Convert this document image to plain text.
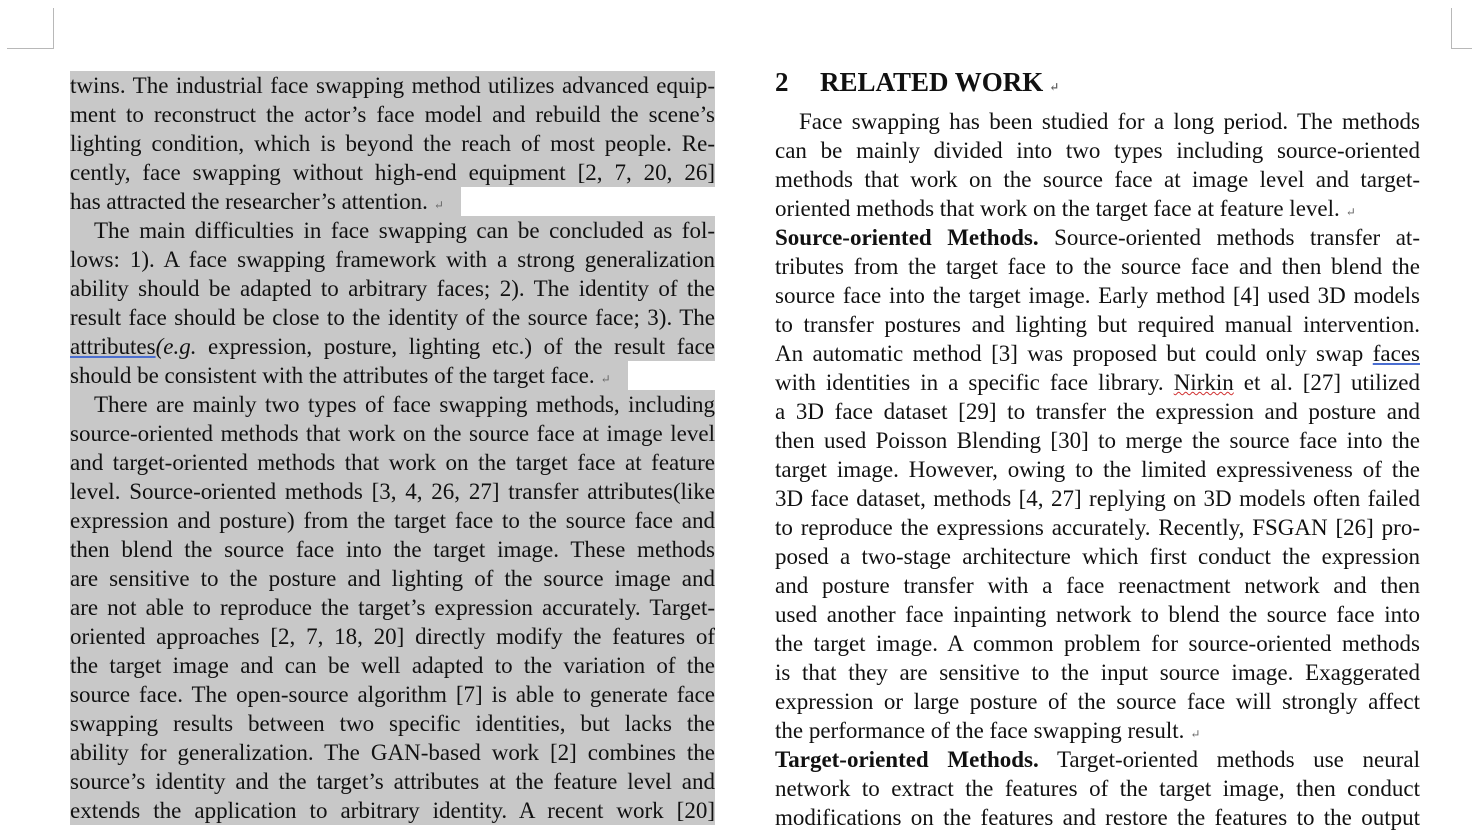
twins. The industrial face swapping method utilizes advanced equip-
ment to reconstruct the actor’s face model and rebuild the scene’s
lighting condition, which is beyond the reach of most people. Re-
cently, face swapping without high-end equipment [2, 7, 20, 26]
has attracted the researcher’s attention. ↵
The main difficulties in face swapping can be concluded as fol-
lows: 1). A face swapping framework with a strong generalization
ability should be adapted to arbitrary faces; 2). The identity of the
result face should be close to the identity of the source face; 3). The
attributes(e.g. expression, posture, lighting etc.) of the result face
should be consistent with the attributes of the target face. ↵
There are mainly two types of face swapping methods, including
source-oriented methods that work on the source face at image level
and target-oriented methods that work on the target face at feature
level. Source-oriented methods [3, 4, 26, 27] transfer attributes(like
expression and posture) from the target face to the source face and
then blend the source face into the target image. These methods
are sensitive to the posture and lighting of the source image and
are not able to reproduce the target’s expression accurately. Target-
oriented approaches [2, 7, 18, 20] directly modify the features of
the target image and can be well adapted to the variation of the
source face. The open-source algorithm [7] is able to generate face
swapping results between two specific identities, but lacks the
ability for generalization. The GAN-based work [2] combines the
source’s identity and the target’s attributes at the feature level and
extends the application to arbitrary identity. A recent work [20]
2 RELATED WORK ↵
Face swapping has been studied for a long period. The methods
can be mainly divided into two types including source-oriented
methods that work on the source face at image level and target-
oriented methods that work on the target face at feature level. ↵
Source-oriented Methods. Source-oriented methods transfer at-
tributes from the target face to the source face and then blend the
source face into the target image. Early method [4] used 3D models
to transfer postures and lighting but required manual intervention.
An automatic method [3] was proposed but could only swap faces
with identities in a specific face library. Nirkin et al. [27] utilized
a 3D face dataset [29] to transfer the expression and posture and
then used Poisson Blending [30] to merge the source face into the
target image. However, owing to the limited expressiveness of the
3D face dataset, methods [4, 27] replying on 3D models often failed
to reproduce the expressions accurately. Recently, FSGAN [26] pro-
posed a two-stage architecture which first conduct the expression
and posture transfer with a face reenactment network and then
used another face inpainting network to blend the source face into
the target image. A common problem for source-oriented methods
is that they are sensitive to the input source image. Exaggerated
expression or large posture of the source face will strongly affect
the performance of the face swapping result. ↵
Target-oriented Methods. Target-oriented methods use neural
network to extract the features of the target image, then conduct
modifications on the features and restore the features to the output
